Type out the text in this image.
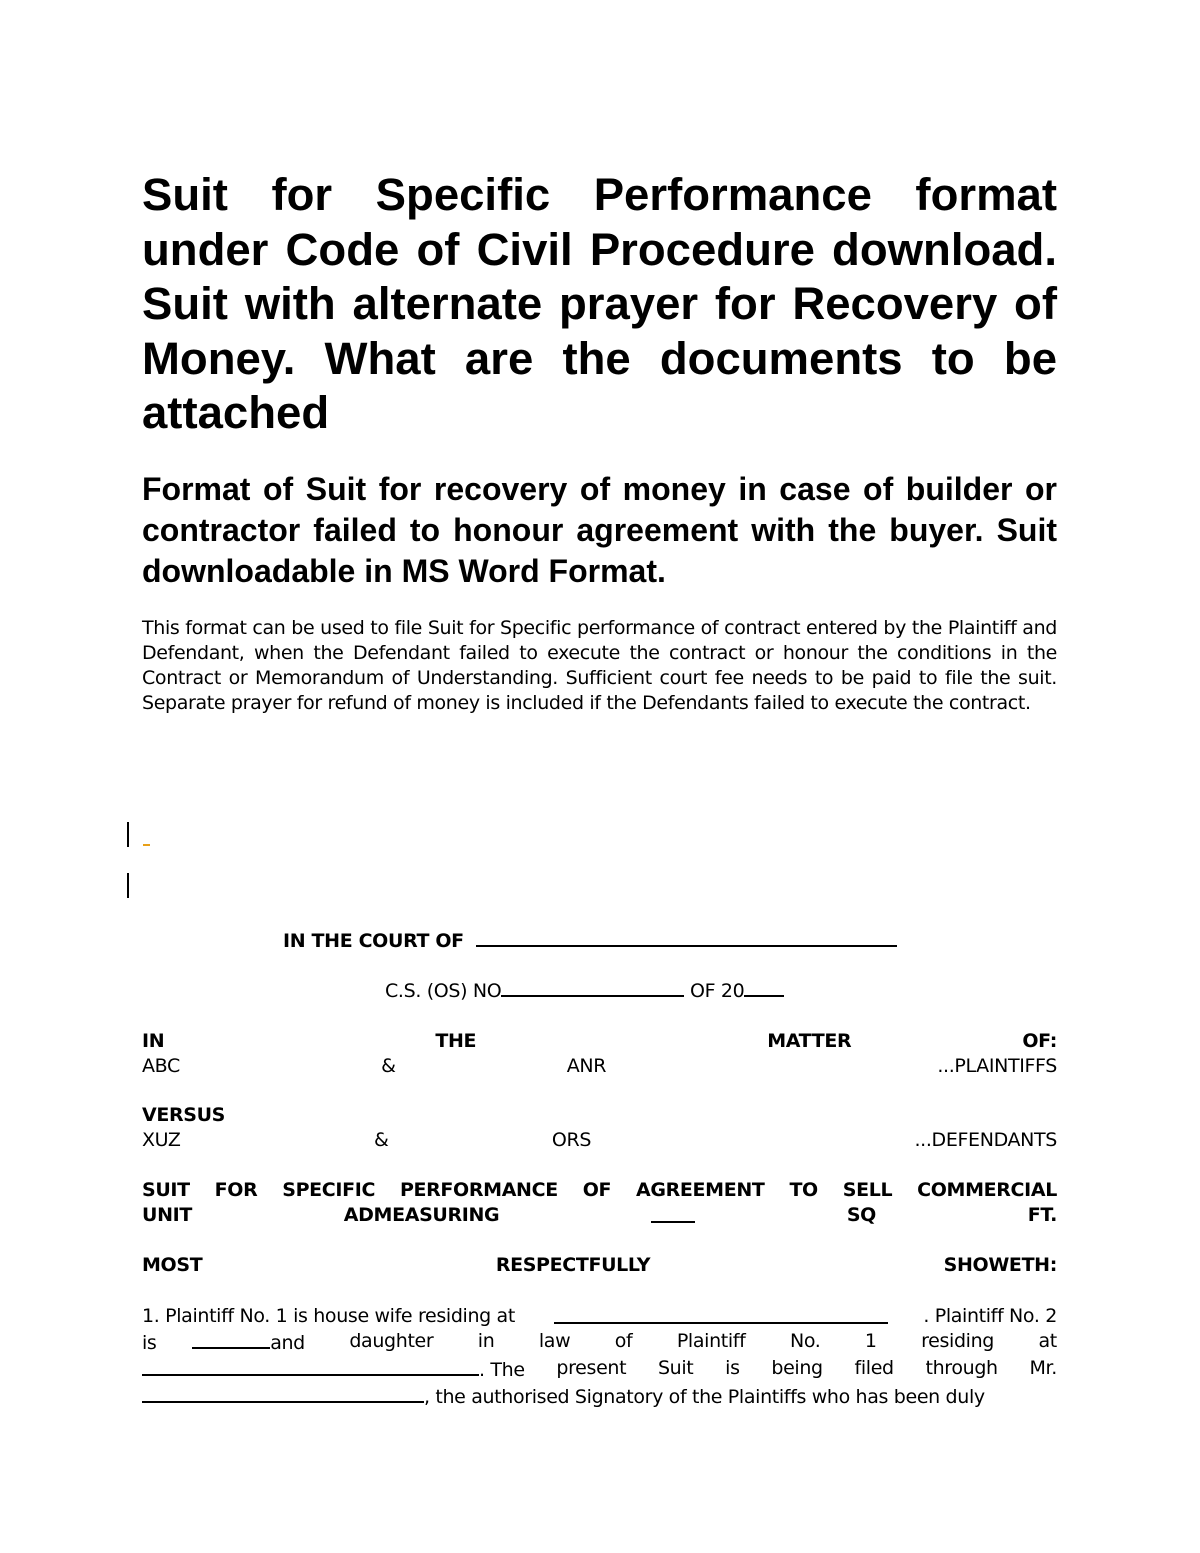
Suit for Specific Performance format under Code of Civil Procedure download. Suit with alternate prayer for Recovery of Money. What are the documents to be attached

Format of Suit for recovery of money in case of builder or contractor failed to honour agreement with the buyer. Suit downloadable in MS Word Format.

This format can be used to file Suit for Specific performance of contract entered by the Plaintiff and Defendant, when the Defendant failed to execute the contract or honour the conditions in the Contract or Memorandum of Understanding. Sufficient court fee needs to be paid to file the suit. Separate prayer for refund of money is included if the Defendants failed to execute the contract.

IN THE COURT OF
C.S. (OS) NO	OF 20
IN	THE	MATTER	OF:
ABC	&	ANR	...PLAINTIFFS
VERSUS
XUZ	&	ORS	...DEFENDANTS
SUIT FOR SPECIFIC PERFORMANCE OF AGREEMENT TO SELL COMMERCIAL
UNIT	ADMEASURING	SQ	FT.
MOST	RESPECTFULLY	SHOWETH:
1. Plaintiff No. 1 is house wife residing at	. Plaintiff No. 2
is	and daughter in law of Plaintiff No. 1 residing at
. The present Suit is being filed through Mr.
, the authorised Signatory of the Plaintiffs who has been duly
